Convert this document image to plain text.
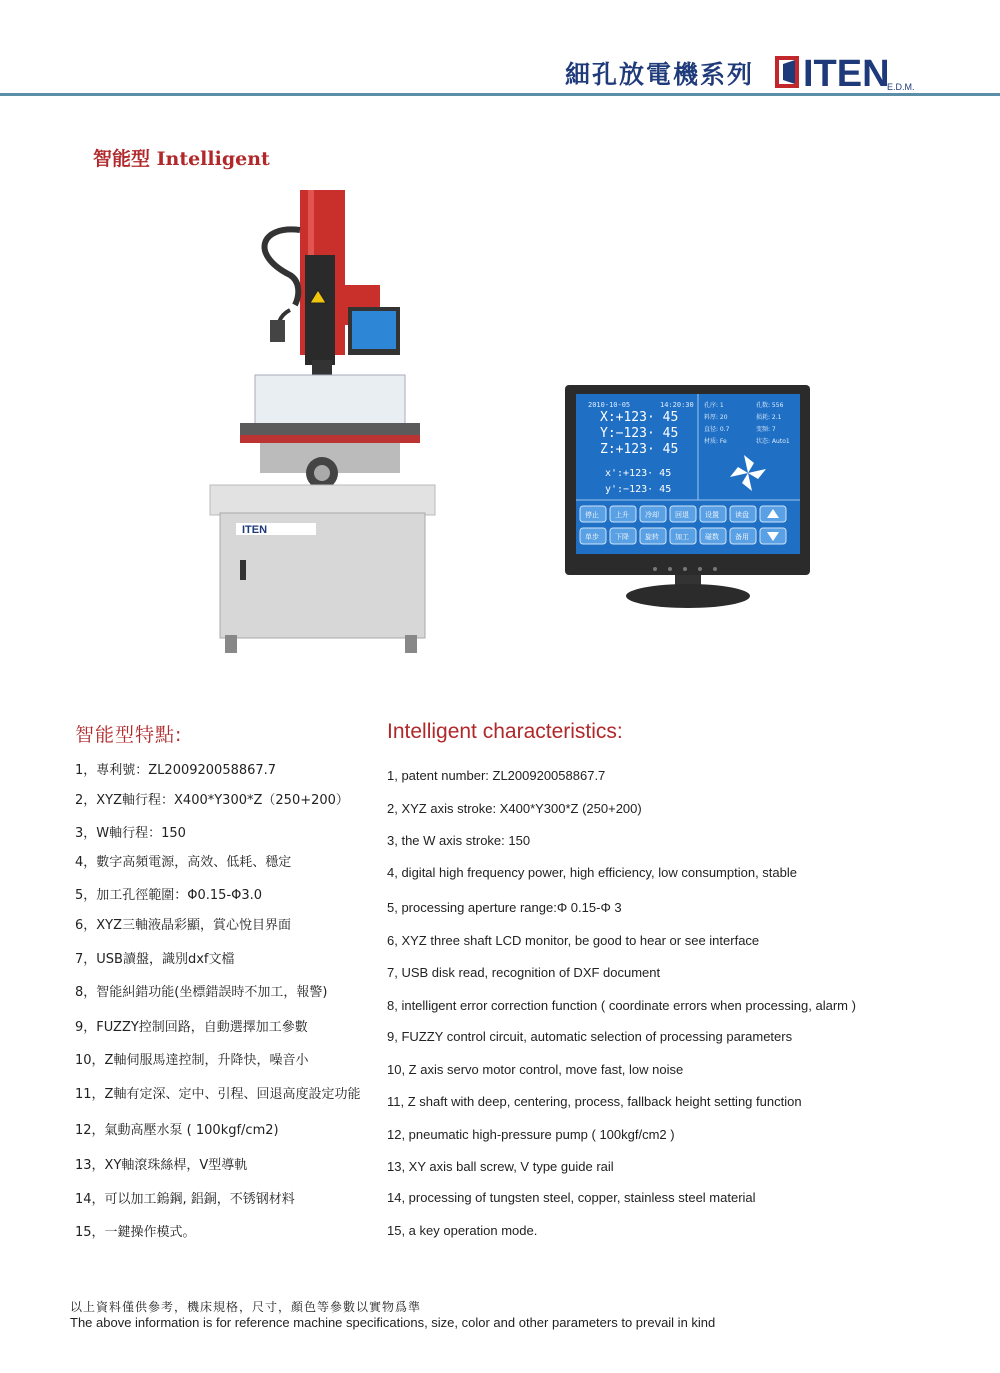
細孔放電機系列 ITEN
E.D.M.
智能型 Intelligent
ITEN
2010-10-05	14:20:30
X:+123· 45
Y:−123· 45
Z:+123· 45
x':+123· 45
y':−123· 45
孔序: 1	孔数: 556
料厚: 20	损耗: 2.1
直径: 0.7	变频: 7
材质: Fe	状态: Auto1
停止 上升 冷却 回退 设置 读盘
单步 下降 旋转 加工 碰数 备用
智能型特點:	Intelligent characteristics:
1，專利號：ZL200920058867.7
2，XYZ軸行程：X400*Y300*Z（250+200）
3，W軸行程：150
4，數字高頻電源，高效、低耗、穩定
5，加工孔徑範圍：Φ0.15-Φ3.0
6，XYZ三軸液晶彩顯，賞心悅目界面
7，USB讀盤，識別dxf文檔
8，智能糾錯功能(坐標錯誤時不加工，報警)
9，FUZZY控制回路，自動選擇加工參數
10，Z軸伺服馬達控制，升降快，噪音小
11，Z軸有定深、定中、引程、回退高度設定功能
12，氣動高壓水泵 ( 100kgf/cm2)
13，XY軸滾珠絲桿，V型導軌
14，可以加工鎢鋼, 鋁銅，不锈钢材料
15，一鍵操作模式。
1, patent number: ZL200920058867.7
2, XYZ axis stroke: X400*Y300*Z (250+200)
3, the W axis stroke: 150
4, digital high frequency power, high efficiency, low consumption, stable
5, processing aperture range:Φ 0.15-Φ 3
6, XYZ three shaft LCD monitor, be good to hear or see interface
7, USB disk read, recognition of DXF document
8, intelligent error correction function ( coordinate errors when processing, alarm )
9, FUZZY control circuit, automatic selection of processing parameters
10, Z axis servo motor control, move fast, low noise
11, Z shaft with deep, centering, process, fallback height setting function
12, pneumatic high-pressure pump ( 100kgf/cm2 )
13, XY axis ball screw, V type guide rail
14, processing of tungsten steel, copper, stainless steel material
15, a key operation mode.
以上資料僅供參考，機床規格，尺寸，顏色等參數以實物爲準
The above information is for reference machine specifications, size, color and other parameters to prevail in kind
